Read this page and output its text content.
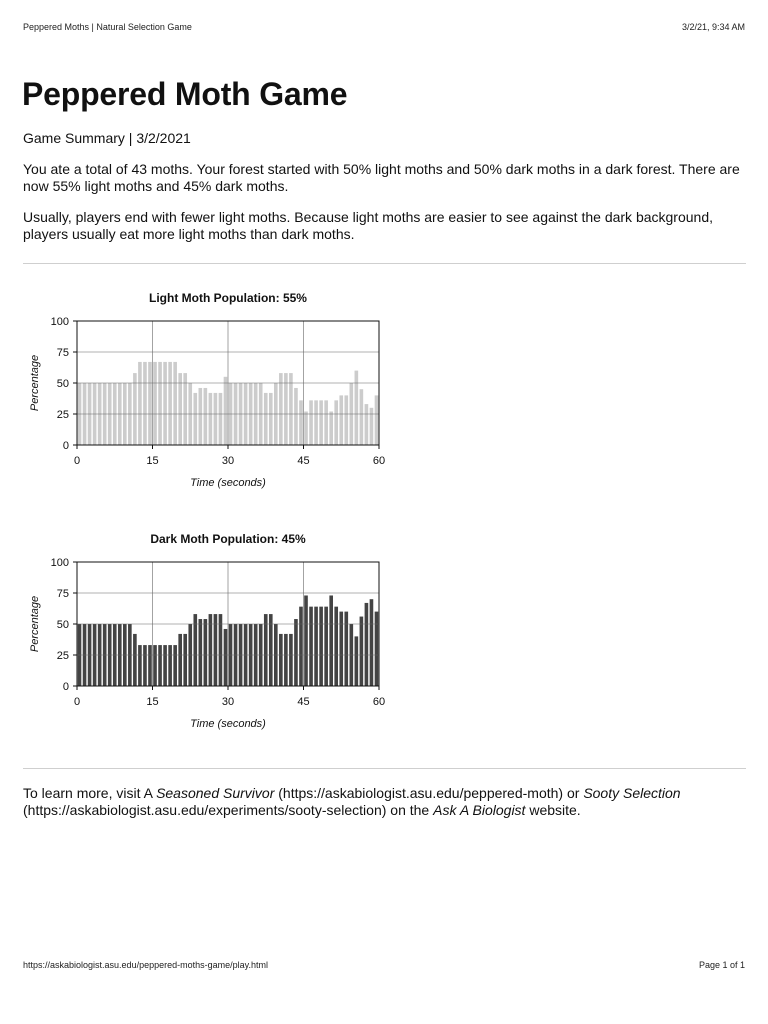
Peppered Moths | Natural Selection Game	3/2/21, 9:34 AM
Peppered Moth Game
Game Summary | 3/2/2021

You ate a total of 43 moths. Your forest started with 50% light moths and 50% dark moths in a dark forest. There are now 55% light moths and 45% dark moths.

Usually, players end with fewer light moths. Because light moths are easier to see against the dark background, players usually eat more light moths than dark moths.

Light Moth Population: 55%
0
25
50
75
100
0	15	30	45	60
Time (seconds)
Percentage
Dark Moth Population: 45%
0
25
50
75
100
0	15	30	45	60
Time (seconds)
Percentage

To learn more, visit A Seasoned Survivor (https://askabiologist.asu.edu/peppered-moth) or Sooty Selection (https://askabiologist.asu.edu/experiments/sooty-selection) on the Ask A Biologist website.

https://askabiologist.asu.edu/peppered-moths-game/play.html	Page 1 of 1
